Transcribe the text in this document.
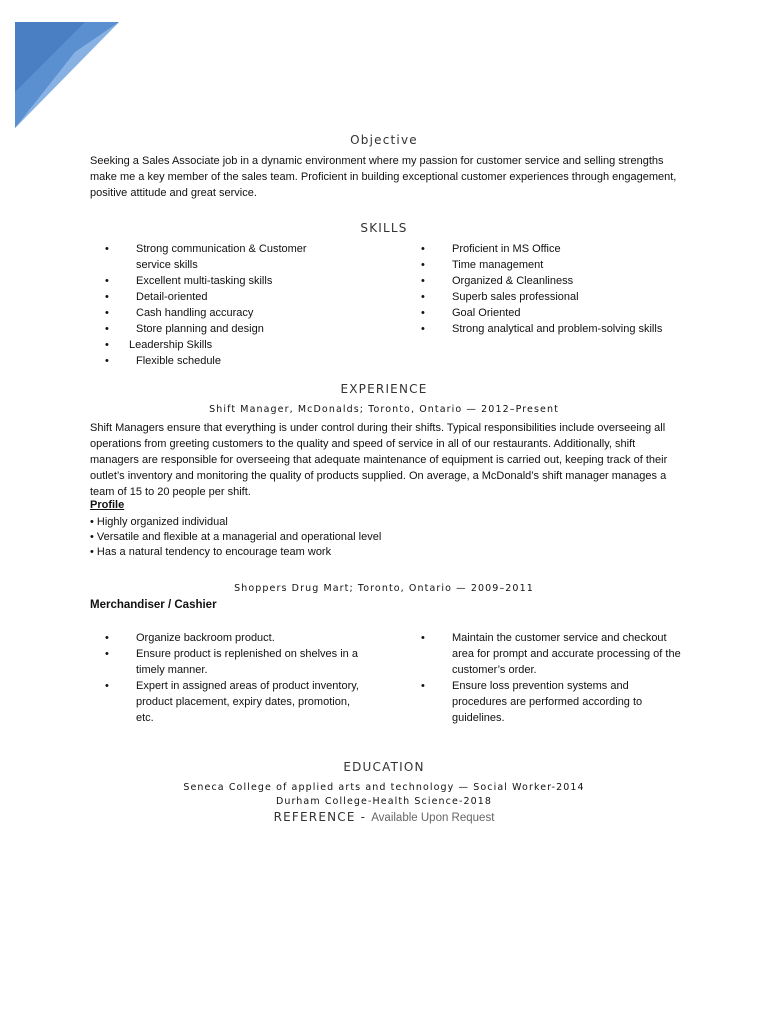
Objective
Seeking a Sales Associate job in a dynamic environment where my passion for customer service and selling strengths make me a key member of the sales team. Proficient in building exceptional customer experiences through engagement, positive attitude and great service.
SKILLS
• Strong communication & Customer service skills
• Excellent multi-tasking skills
• Detail-oriented
• Cash handling accuracy
• Store planning and design
• Leadership Skills
• Flexible schedule
• Proficient in MS Office
• Time management
• Organized & Cleanliness
• Superb sales professional
• Goal Oriented
• Strong analytical and problem-solving skills
EXPERIENCE
Shift Manager, McDonalds; Toronto, Ontario — 2012–Present
Shift Managers ensure that everything is under control during their shifts. Typical responsibilities include overseeing all operations from greeting customers to the quality and speed of service in all of our restaurants. Additionally, shift managers are responsible for overseeing that adequate maintenance of equipment is carried out, keeping track of their outlet’s inventory and monitoring the quality of products supplied. On average, a McDonald’s shift manager manages a team of 15 to 20 people per shift.
Profile
• Highly organized individual
• Versatile and flexible at a managerial and operational level
• Has a natural tendency to encourage team work
Shoppers Drug Mart; Toronto, Ontario — 2009–2011
Merchandiser / Cashier
• Organize backroom product.
• Ensure product is replenished on shelves in a timely manner.
• Expert in assigned areas of product inventory, product placement, expiry dates, promotion, etc.
• Maintain the customer service and checkout area for prompt and accurate processing of the customer’s order.
• Ensure loss prevention systems and procedures are performed according to guidelines.
EDUCATION
Seneca College of applied arts and technology — Social Worker-2014
Durham College-Health Science-2018
REFERENCE - Available Upon Request
